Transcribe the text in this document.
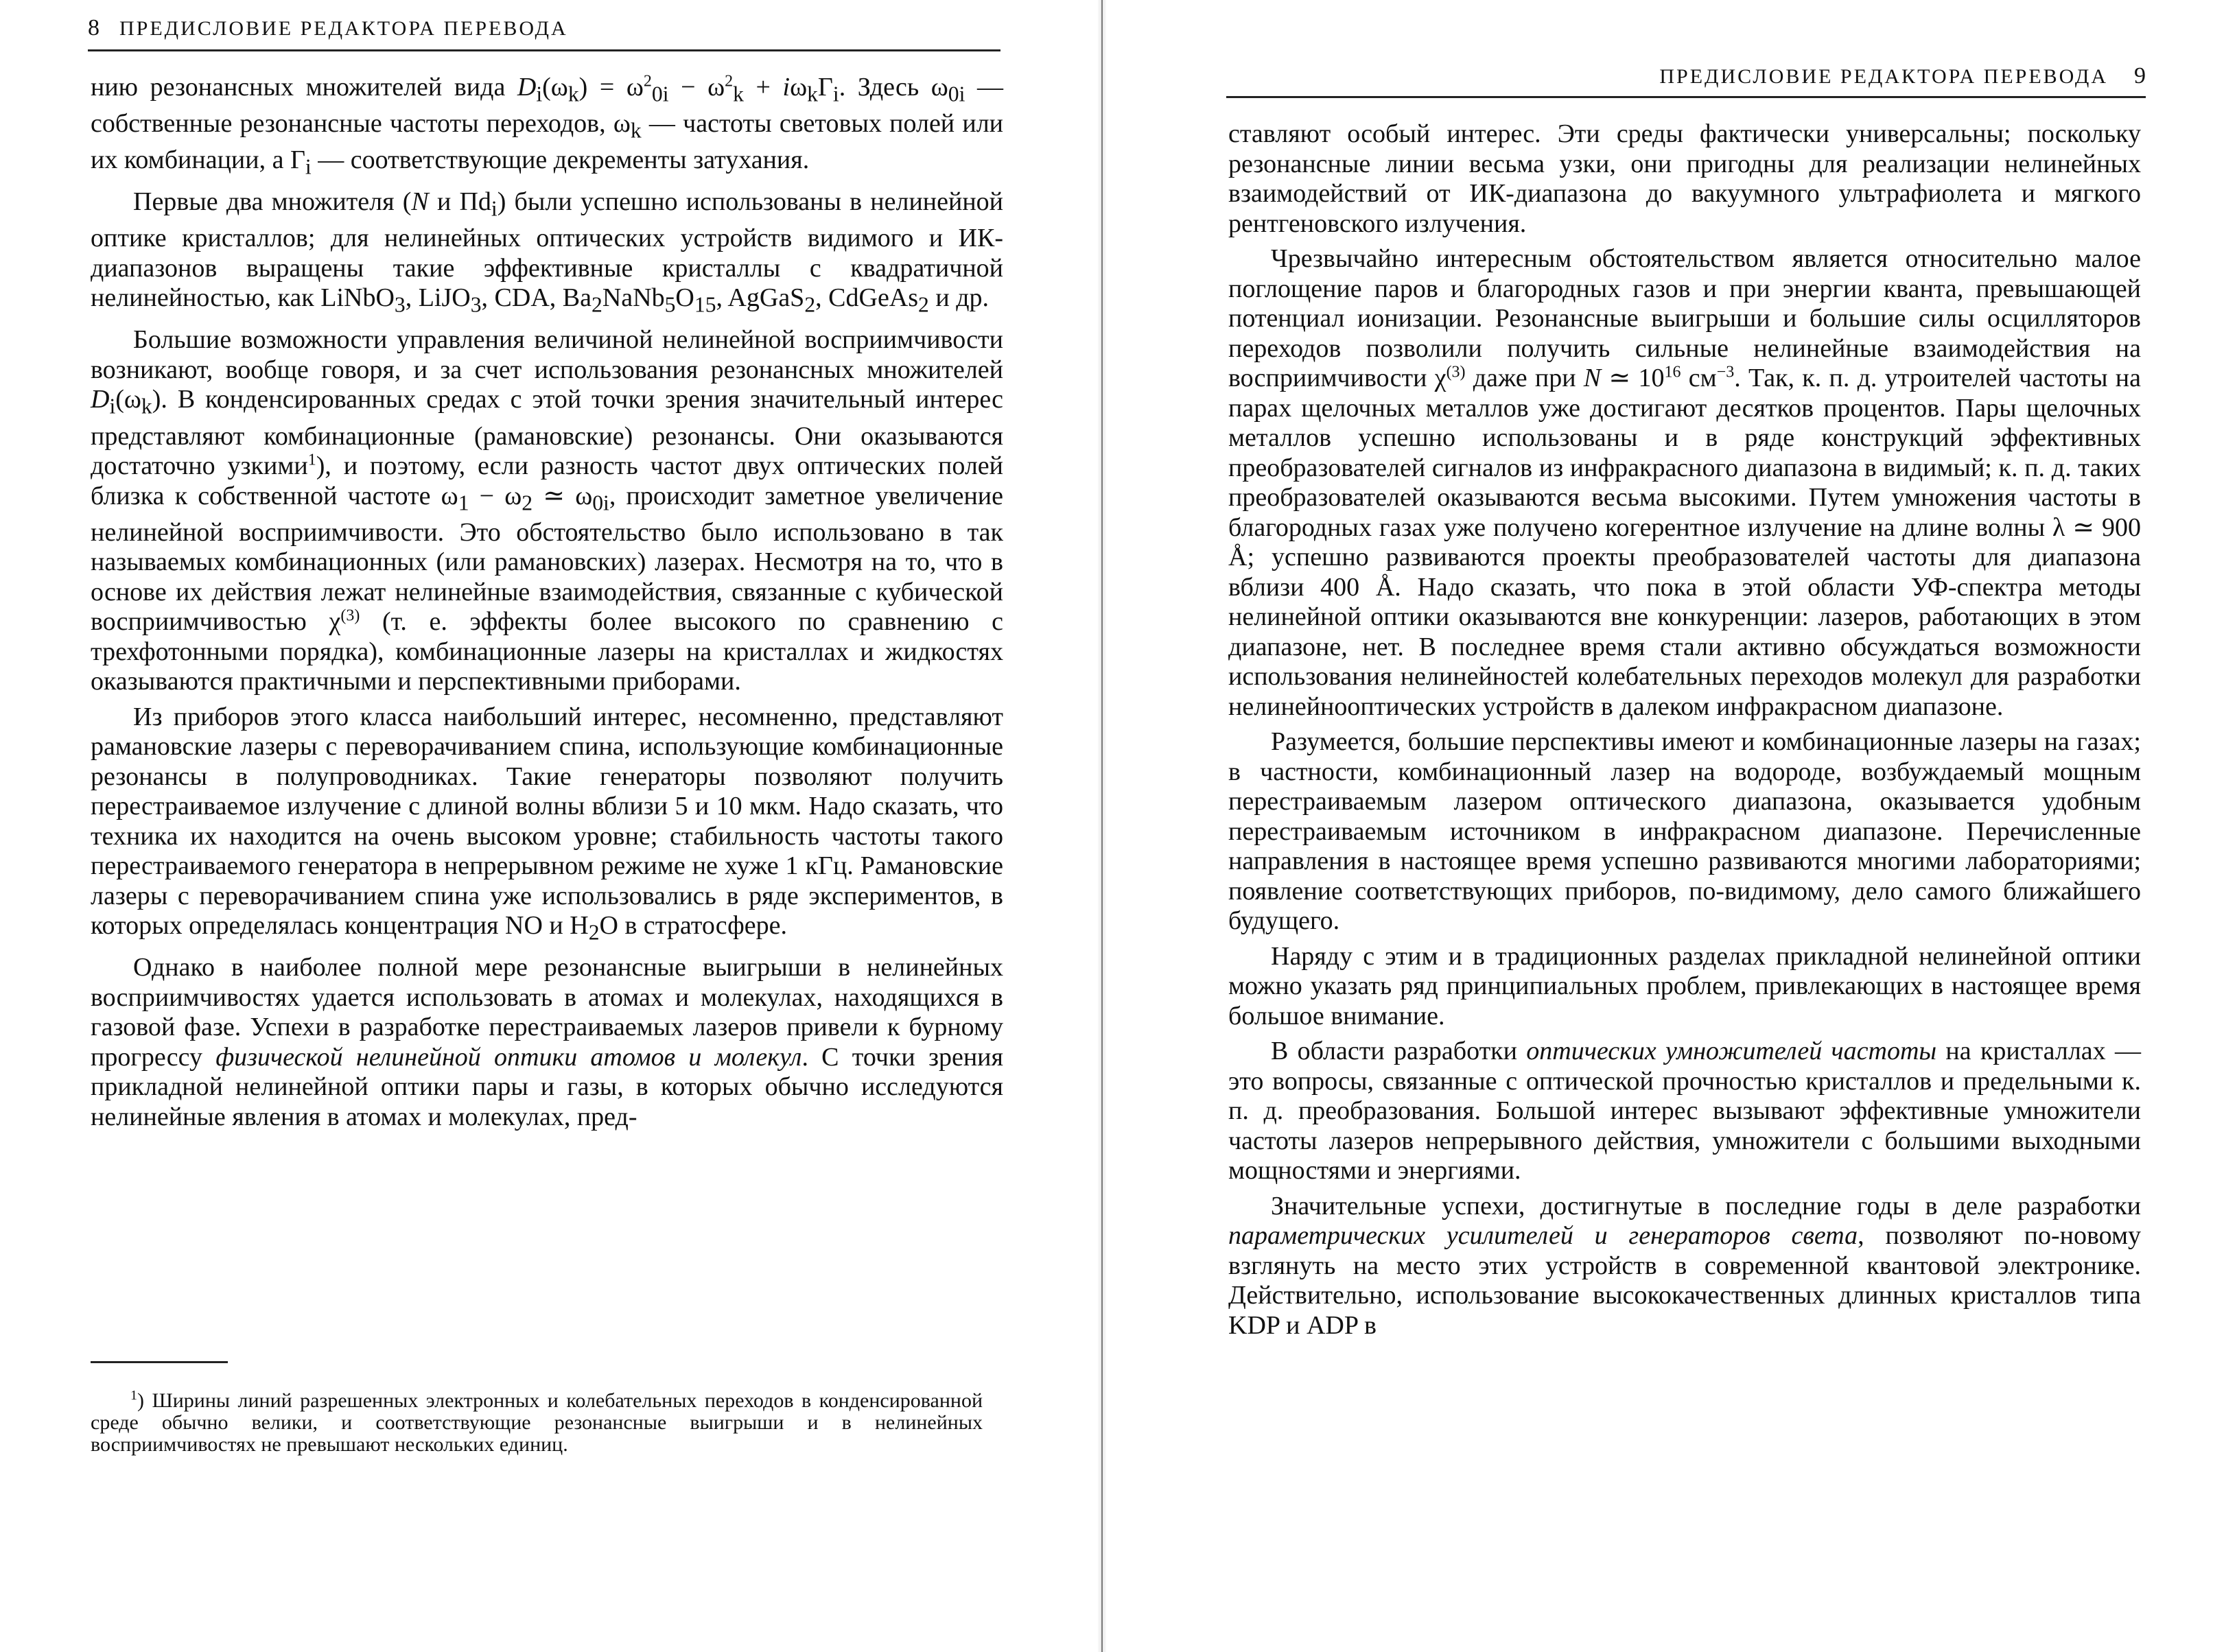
8 ПРЕДИСЛОВИЕ РЕДАКТОРА ПЕРЕВОДА

нию резонансных множителей вида $D_i(\omega_k) = \omega^2_{0i} - \omega^2_k + i\omega_k\Gamma_i$. Здесь $\omega_{0i}$ — собственные резонансные частоты переходов, $\omega_k$ — частоты световых полей или их комбинации, а $\Gamma_i$ — соответствующие декременты затухания.

Первые два множителя (N и $\Pi d_i$) были успешно использованы в нелинейной оптике кристаллов; для нелинейных оптических устройств видимого и ИК-диапазонов выращены такие эффективные кристаллы с квадратичной нелинейностью, как LiNbO$_3$, LiJO$_3$, CDA, $Ba_2NaNb_5O_{15}$, AgGaS$_2$, CdGeAs$_2$ и др.

Большие возможности управления величиной нелинейной восприимчивости возникают, вообще говоря, и за счет использования резонансных множителей $D_i(\omega_k)$. В конденсированных средах с этой точки зрения значительный интерес представляют комбинационные (рамановские) резонансы. Они оказываются достаточно узкими$^1$), и поэтому, если разность частот двух оптических полей близка к собственной частоте $\omega_1 - \omega_2$ ≃ $\omega_{0i}$, происходит заметное увеличение нелинейной восприимчивости. Это обстоятельство было использовано в так называемых комбинационных (или рамановских) лазерах. Несмотря на то, что в основе их действия лежат нелинейные взаимодействия, связанные с кубической восприимчивостью $\chi^{(3)}$ (т. е. эффекты более высокого по сравнению с трехфотонными порядка), комбинационные лазеры на кристаллах и жидкостях оказываются практичными и перспективными приборами.

Из приборов этого класса наибольший интерес, несомненно, представляют рамановские лазеры с переворачиванием спина, использующие комбинационные резонансы в полупроводниках. Такие генераторы позволяют получить перестраиваемое излучение с длиной волны вблизи 5 и 10 мкм. Надо сказать, что техника их находится на очень высоком уровне; стабильность частоты такого перестраиваемого генератора в непрерывном режиме не хуже 1 кГц. Рамановские лазеры с переворачиванием спина уже использовались в ряде экспериментов, в которых определялась концентрация NO и $H_2O$ в стратосфере.

Однако в наиболее полной мере резонансные выигрыши в нелинейных восприимчивостях удается использовать в атомах и молекулах, находящихся в газовой фазе. Успехи в разработке перестраиваемых лазеров привели к бурному прогрессу физической нелинейной оптики атомов и молекул. С точки зрения прикладной нелинейной оптики пары и газы, в которых обычно исследуются нелинейные явления в атомах и молекулах, пред-

$^1$) Ширины линий разрешенных электронных и колебательных переходов в конденсированной среде обычно велики, и соответствующие резонансные выигрыши и в нелинейных восприимчивостях не превышают нескольких единиц.
ПРЕДИСЛОВИЕ РЕДАКТОРА ПЕРЕВОДА 9

ставляют особый интерес. Эти среды фактически универсальны; поскольку резонансные линии весьма узки, они пригодны для реализации нелинейных взаимодействий от ИК-диапазона до вакуумного ультрафиолета и мягкого рентгеновского излучения.

Чрезвычайно интересным обстоятельством является относительно малое поглощение паров и благородных газов и при энергии кванта, превышающей потенциал ионизации. Резонансные выигрыши и большие силы осцилляторов переходов позволили получить сильные нелинейные взаимодействия на восприимчивости $\chi^{(3)}$ даже при N ≃ $10^{16}$ $см^{-3}$. Так, к. п. д. утроителей частоты на парах щелочных металлов уже достигают десятков процентов. Пары щелочных металлов успешно использованы и в ряде конструкций эффективных преобразователей сигналов из инфракрасного диапазона в видимый; к. п. д. таких преобразователей оказываются весьма высокими. Путем умножения частоты в благородных газах уже получено когерентное излучение на длине волны λ ≃ 900 Å; успешно развиваются проекты преобразователей частоты для диапазона вблизи 400 Å. Надо сказать, что пока в этой области УФ-спектра методы нелинейной оптики оказываются вне конкуренции: лазеров, работающих в этом диапазоне, нет. В последнее время стали активно обсуждаться возможности использования нелинейностей колебательных переходов молекул для разработки нелинейнооптических устройств в далеком инфракрасном диапазоне.

Разумеется, большие перспективы имеют и комбинационные лазеры на газах; в частности, комбинационный лазер на водороде, возбуждаемый мощным перестраиваемым лазером оптического диапазона, оказывается удобным перестраиваемым источником в инфракрасном диапазоне. Перечисленные направления в настоящее время успешно развиваются многими лабораториями; появление соответствующих приборов, по-видимому, дело самого ближайшего будущего.

Наряду с этим и в традиционных разделах прикладной нелинейной оптики можно указать ряд принципиальных проблем, привлекающих в настоящее время большое внимание.

В области разработки оптических умножителей частоты на кристаллах — это вопросы, связанные с оптической прочностью кристаллов и предельными к. п. д. преобразования. Большой интерес вызывают эффективные умножители частоты лазеров непрерывного действия, умножители с большими выходными мощностями и энергиями.

Значительные успехи, достигнутые в последние годы в деле разработки параметрических усилителей и генераторов света, позволяют по-новому взглянуть на место этих устройств в современной квантовой электронике. Действительно, использование высококачественных длинных кристаллов типа KDP и ADP в
